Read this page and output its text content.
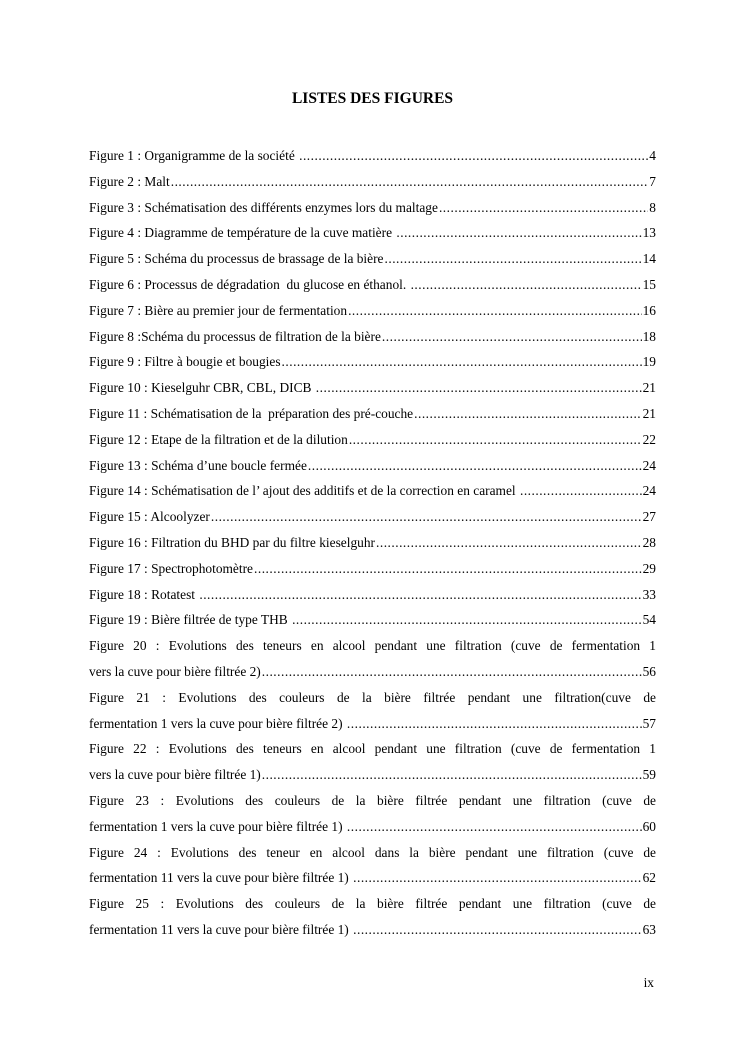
LISTES DES FIGURES
Figure 1 : Organigramme de la société .....	4
Figure 2 : Malt .....	7
Figure 3 : Schématisation des différents enzymes lors du maltage .....	8
Figure 4 : Diagramme de température de la cuve matière .....	13
Figure 5 : Schéma du processus de brassage de la bière .....	14
Figure 6 : Processus de dégradation  du glucose en éthanol. .....	15
Figure 7 : Bière au premier jour de fermentation .....	16
Figure 8 :Schéma du processus de filtration de la bière .....	18
Figure 9 : Filtre à bougie et bougies .....	19
Figure 10 : Kieselguhr CBR, CBL, DICB .....	21
Figure 11 : Schématisation de la  préparation des pré-couche .....	21
Figure 12 : Etape de la filtration et de la dilution .....	22
Figure 13 : Schéma d’une boucle fermée .....	24
Figure 14 : Schématisation de l’ ajout des additifs et de la correction en caramel .....	24
Figure 15 : Alcoolyzer .....	27
Figure 16 : Filtration du BHD par du filtre kieselguhr .....	28
Figure 17 : Spectrophotomètre .....	29
Figure 18 : Rotatest .....	33
Figure 19 : Bière filtrée de type THB .....	54
Figure 20 : Evolutions des teneurs en alcool pendant une filtration (cuve de fermentation 1
vers la cuve pour bière filtrée 2) .....	56
Figure 21 : Evolutions des couleurs de la bière filtrée pendant une filtration(cuve de
fermentation 1 vers la cuve pour bière filtrée 2) .....	57
Figure 22 : Evolutions des teneurs en alcool pendant une filtration (cuve de fermentation 1
vers la cuve pour bière filtrée 1) .....	59
Figure 23 : Evolutions des couleurs de la bière filtrée pendant une filtration (cuve de
fermentation 1 vers la cuve pour bière filtrée 1) .....	60
Figure 24 : Evolutions des teneur en alcool dans la bière pendant une filtration (cuve de
fermentation 11 vers la cuve pour bière filtrée 1) .....	62
Figure 25 : Evolutions des couleurs de la bière filtrée pendant une filtration (cuve de
fermentation 11 vers la cuve pour bière filtrée 1) .....	63
ix
